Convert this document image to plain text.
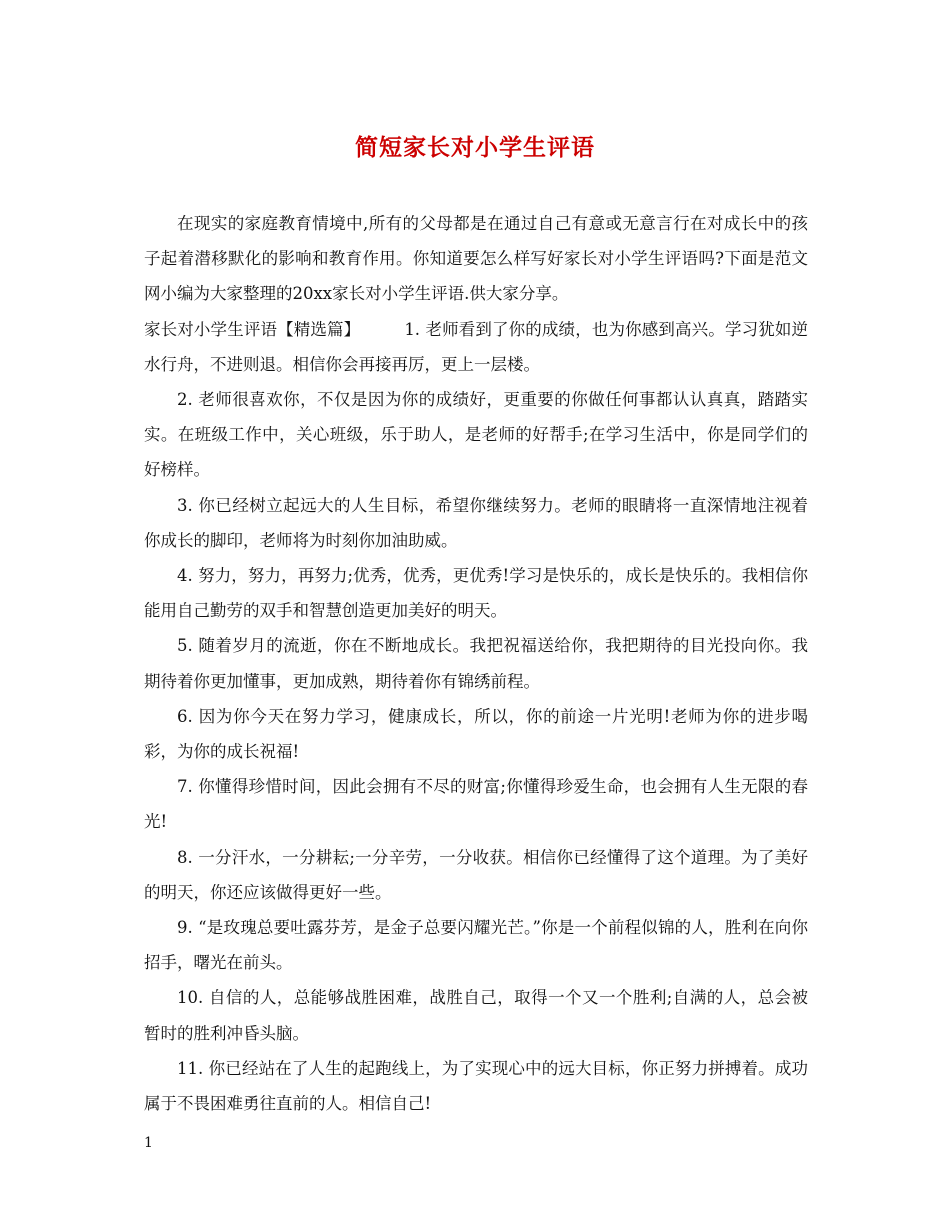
简短家长对小学生评语

在现实的家庭教育情境中,所有的父母都是在通过自己有意或无意言行在对成长中的孩子起着潜移默化的影响和教育作用。你知道要怎么样写好家长对小学生评语吗?下面是范文网小编为大家整理的20xx家长对小学生评语.供大家分享。

家长对小学生评语【精选篇】	1. 老师看到了你的成绩，也为你感到高兴。学习犹如逆水行舟，不进则退。相信你会再接再厉，更上一层楼。

2. 老师很喜欢你，不仅是因为你的成绩好，更重要的你做任何事都认认真真，踏踏实实。在班级工作中，关心班级，乐于助人，是老师的好帮手;在学习生活中，你是同学们的好榜样。

3. 你已经树立起远大的人生目标，希望你继续努力。老师的眼睛将一直深情地注视着你成长的脚印，老师将为时刻你加油助威。

4. 努力，努力，再努力;优秀，优秀，更优秀!学习是快乐的，成长是快乐的。我相信你能用自己勤劳的双手和智慧创造更加美好的明天。

5. 随着岁月的流逝，你在不断地成长。我把祝福送给你，我把期待的目光投向你。我期待着你更加懂事，更加成熟，期待着你有锦绣前程。

6. 因为你今天在努力学习，健康成长，所以，你的前途一片光明!老师为你的进步喝彩，为你的成长祝福!

7. 你懂得珍惜时间，因此会拥有不尽的财富;你懂得珍爱生命，也会拥有人生无限的春光!

8. 一分汗水，一分耕耘;一分辛劳，一分收获。相信你已经懂得了这个道理。为了美好的明天，你还应该做得更好一些。

9. “是玫瑰总要吐露芬芳，是金子总要闪耀光芒。”你是一个前程似锦的人，胜利在向你招手，曙光在前头。

10. 自信的人，总能够战胜困难，战胜自己，取得一个又一个胜利;自满的人，总会被暂时的胜利冲昏头脑。

11. 你已经站在了人生的起跑线上，为了实现心中的远大目标，你正努力拼搏着。成功属于不畏困难勇往直前的人。相信自己!

1
